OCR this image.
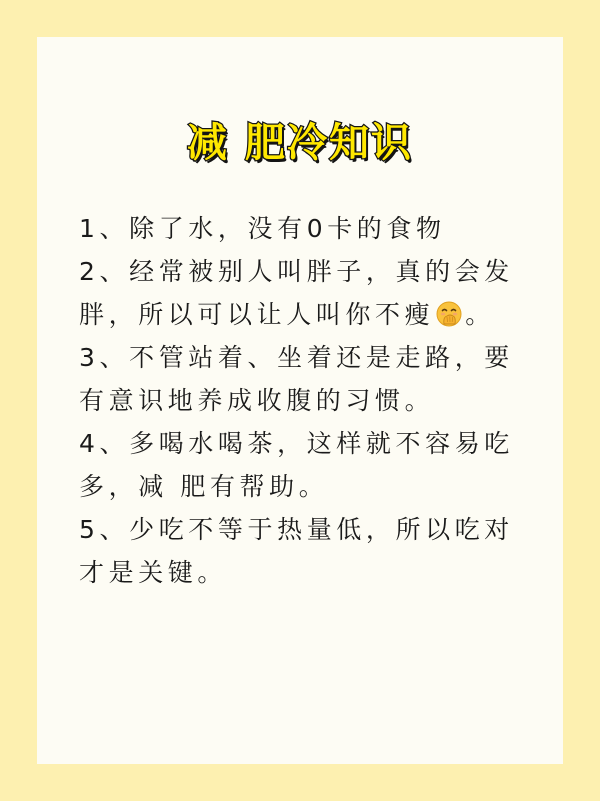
减 肥冷知识

1、除了水，没有0卡的食物

2、经常被别人叫胖子，真的会发胖，所以可以让人叫你不瘦 。

3、不管站着、坐着还是走路，要有意识地养成收腹的习惯。

4、多喝水喝茶，这样就不容易吃多，减 肥有帮助。

5、少吃不等于热量低，所以吃对才是关键。
